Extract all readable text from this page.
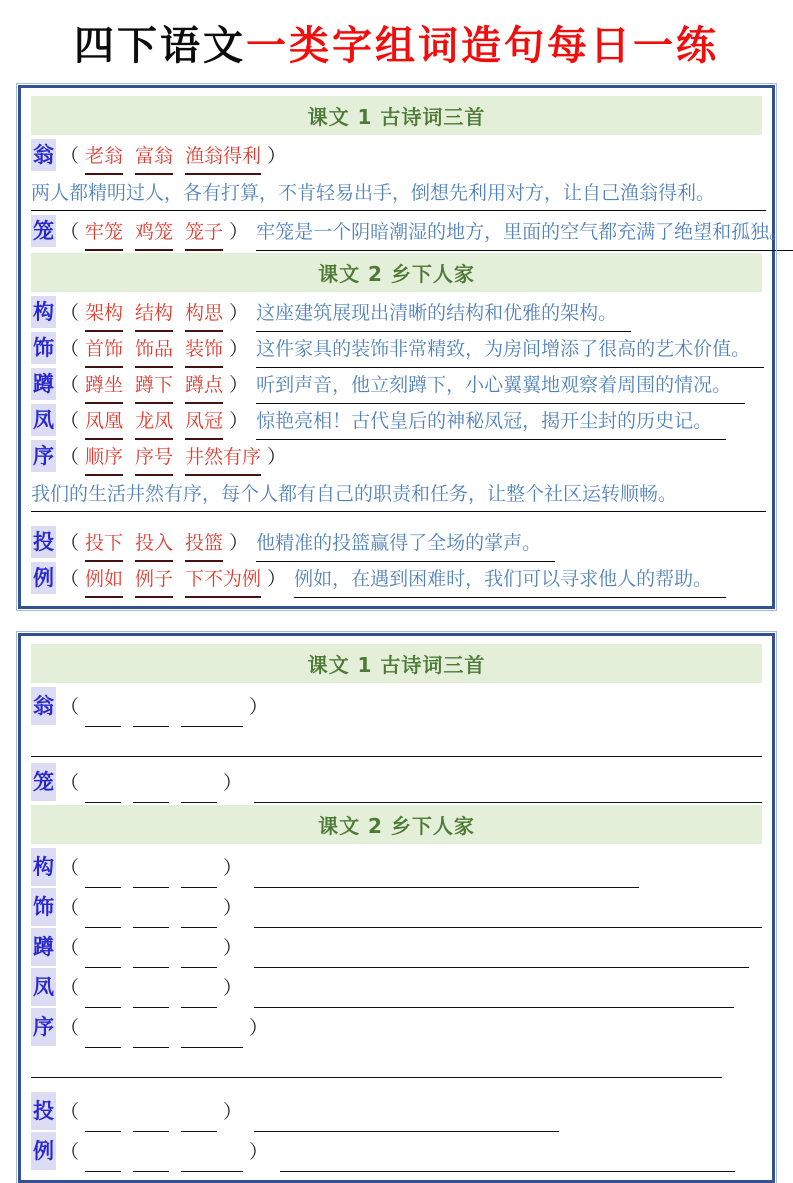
四下语文一类字组词造句每日一练
课文 1 古诗词三首
翁 （ 老翁 富翁 渔翁得利 ）
两人都精明过人，各有打算，不肯轻易出手，倒想先利用对方，让自己渔翁得利。
笼 （ 牢笼 鸡笼 笼子 ） 牢笼是一个阴暗潮湿的地方，里面的空气都充满了绝望和孤独。
课文 2 乡下人家
构 （ 架构 结构 构思 ） 这座建筑展现出清晰的结构和优雅的架构。
饰 （ 首饰 饰品 装饰 ） 这件家具的装饰非常精致，为房间增添了很高的艺术价值。
蹲 （ 蹲坐 蹲下 蹲点 ） 听到声音，他立刻蹲下，小心翼翼地观察着周围的情况。
凤 （ 凤凰 龙凤 凤冠 ） 惊艳亮相！古代皇后的神秘凤冠，揭开尘封的历史记。
序 （ 顺序 序号 井然有序 ）
我们的生活井然有序，每个人都有自己的职责和任务，让整个社区运转顺畅。
投 （ 投下 投入 投篮 ） 他精准的投篮赢得了全场的掌声。
例 （ 例如 例子 下不为例 ） 例如，在遇到困难时，我们可以寻求他人的帮助。
课文 1 古诗词三首
翁 （	）
笼 （	）
课文 2 乡下人家
构 （	）
饰 （	）
蹲 （	）
凤 （	）
序 （	）
投 （	）
例 （	）
